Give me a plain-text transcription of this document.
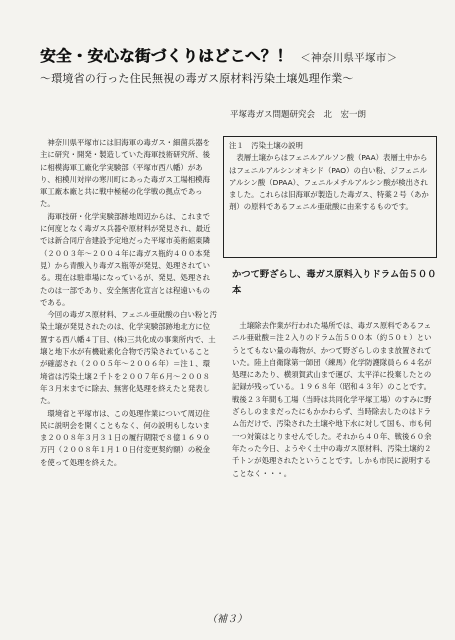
安全・安心な街づくりはどこへ？！ ＜神奈川県平塚市＞
～環境省の行った住民無視の毒ガス原材料汚染土壌処理作業～
平塚毒ガス問題研究会　北　宏一朗

神奈川県平塚市には旧海軍の毒ガス・細菌兵器を主に研究・開発・製造していた海軍技術研究所、後に相模海軍工廠化学実験部（平塚市西八幡）があり、相模川対岸の寒川町にあった毒ガス工場相模海軍工廠本廠と共に戦中極秘の化学戦の拠点であった。

海軍技研・化学実験部跡地周辺からは、これまでに何度となく毒ガス兵器や原材料が発見され、最近では新合同庁舎建設予定地だった平塚市美術館東隣（２００３年～２００４年に毒ガス瓶約４００本発見）から青酸入り毒ガス瓶等が発見、処理されている。現在は駐車場になっているが、発見、処理されたのは一部であり、安全無害化宣言とは程遠いものである。

今回の毒ガス原材料、フェニル亜砒酸の白い粉と汚染土壌が発見されたのは、化学実験部跡地北方に位置する西八幡４丁目、(株)三共化成の事業所内で、土壌と地下水が有機砒素化合物で汚染されていることが確認され（２００５年～２００６年）＝注１、環境省は汚染土壌２千トを２００７年６月～２００８年３月末までに除去、無害化処理を終えたと発表した。

環境省と平塚市は、この処理作業について周辺住民に説明会を開くこともなく、何の説明もしないまま２００８年３月３１日の履行期限で８億１６９０万円（２００８年１月１０日付変更契約額）の税金を使って処理を終えた。

注１　汚染土壌の説明

表層土壌からはフェニルアルソン酸（PAA）表層土中からはフェニルアルシンオキシド（PAO）の白い粉、ジフェニルアルシン酸（DPAA）、フェニルメチルアルシン酸が検出されました。これらは旧海軍が製造した毒ガス、特薬２号（あか剤）の原料であるフェニル亜砒酸に由来するものです。

かつて野ざらし、毒ガス原料入りドラム缶５００本

土壌除去作業が行われた場所では、毒ガス原料であるフェニル亜砒酸＝注２入りのドラム缶５００本（約５０ｔ）というとてもない量の毒物が、かつて野ざらしのまま放置されていた。陸上自衛隊第一師団（練馬）化学防護隊員ら６４名が処理にあたり、横須賀武山まで運び、太平洋に投棄したとの記録が残っている。１９６８年（昭和４３年）のことです。戦後２３年間も工場（当時は共同化学平塚工場）のすみに野ざらしのままだったにもかかわらず、当時除去したのはドラム缶だけで、汚染された土壌や地下水に対して国も、市も何一つ対策はとりませんでした。それから４０年、戦後６０余年たった今日、ようやく土中の毒ガス原材料、汚染土壌約２千トンが処理されたということです。しかも市民に説明することなく・・・。

（補３）
